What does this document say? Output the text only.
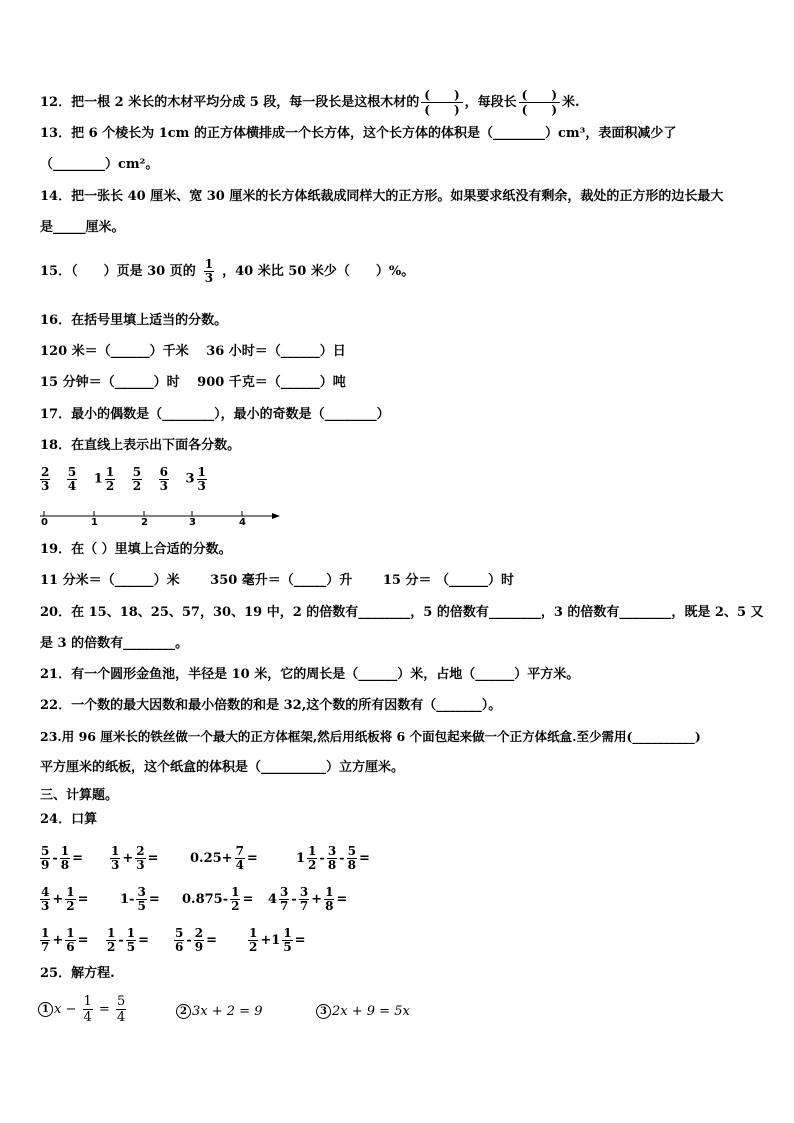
12．把一根 2 米长的木材平均分成 5 段，每一段长是这根木材的 $\frac{( )}{( )}$ ，每段长 $\frac{( )}{( )}$ 米.
13．把 6 个棱长为 1cm 的正方体横排成一个长方体，这个长方体的体积是（________）cm³，表面积减少了
（________）cm²。
14．把一张长 40 厘米、宽 30 厘米的长方体纸裁成同样大的正方形。如果要求纸没有剩余，裁处的正方形的边长最大
是_____厘米。
15．（　　）页是 30 页的 $\frac{1}{3}$ ，40 米比 50 米少（　　）%。
16．在括号里填上适当的分数。
120 米＝（______）千米　 36 小时＝（______）日
15 分钟＝（______）时　 900 千克＝（______）吨
17．最小的偶数是（________），最小的奇数是（________）
18．在直线上表示出下面各分数。
$\frac{2}{3}$
$\frac{5}{4} 1 \frac{1}{2}$
$\frac{5}{2}$
$\frac{6}{3} 3 \frac{1}{3}$
0	1	2	3	4
19．在（ ）里填上合适的分数。
11 分米＝（______）米　　 350 毫升＝（_____）升　　 15 分＝ （______）时
20．在 15、18、25、57，30、19 中，2 的倍数有________，5 的倍数有________，3 的倍数有________，既是 2、5 又
是 3 的倍数有________。
21．有一个圆形金鱼池，半径是 10 米，它的周长是（______）米，占地（______）平方米。
22．一个数的最大因数和最小倍数的和是 32,这个数的所有因数有（_______）。
23.用 96 厘米长的铁丝做一个最大的正方体框架,然后用纸板将 6 个面包起来做一个正方体纸盒.至少需用(__________)
平方厘米的纸板，这个纸盒的体积是（__________）立方厘米。
三、计算题。
24．口算
$\frac{5}{9} - \frac{1}{8} = \frac{1}{3} + \frac{2}{3} = 0.25+ \frac{7}{4}$ =	$1 \frac{1}{2} - \frac{3}{8} - \frac{5}{8}$ =
$\frac{4}{3} + \frac{1}{2} = 1- \frac{3}{5} = 0.875- \frac{1}{2} = 4 \frac{3}{7} - \frac{3}{7} + \frac{1}{8}$ =
$\frac{1}{7} + \frac{1}{6} = \frac{1}{2} - \frac{1}{5} = \frac{5}{6} - \frac{2}{9}$ =	$\frac{1}{2} +1 \frac{1}{5}$ =
25．解方程.
1 $x - \frac{1}{4} = \frac{5}{4}$	2 3x + 2 = 9	3 2x + 9 = 5x
